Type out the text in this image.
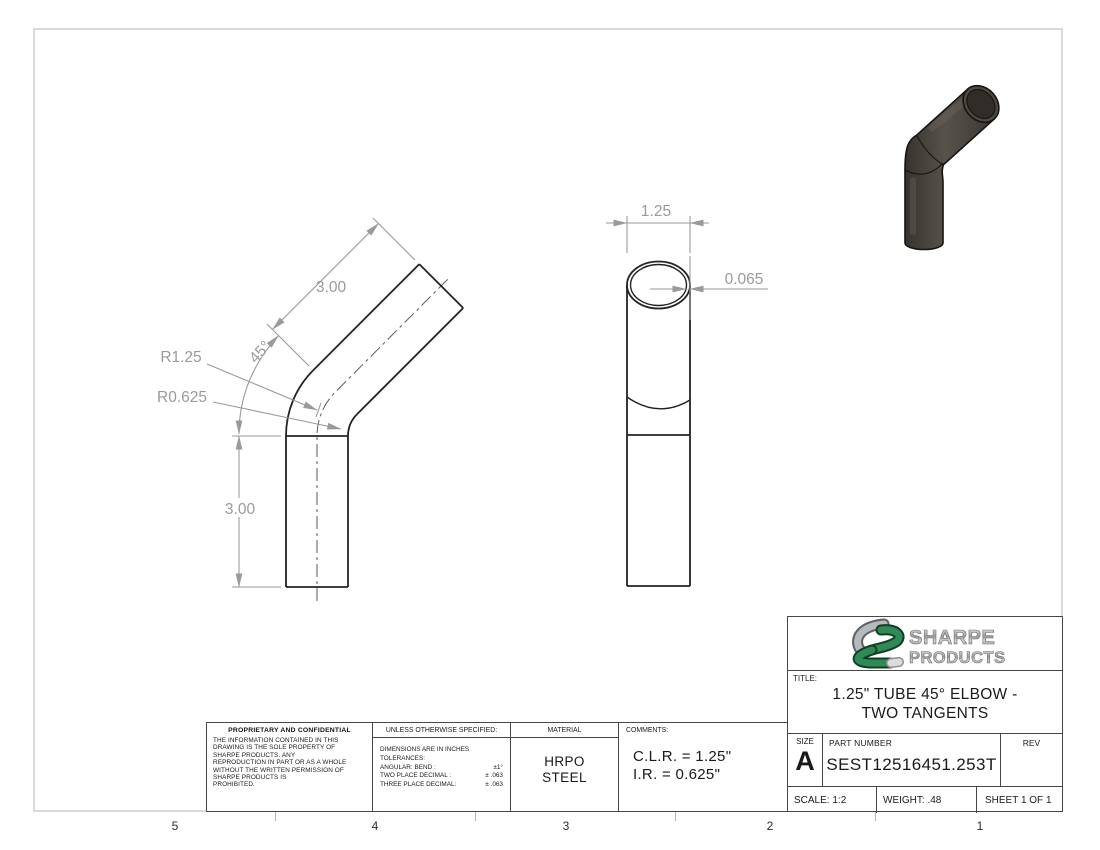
5	4	3	2	1
3.00
3.00
45°
R1.25
R0.625
1.25
0.065
PROPRIETARY AND CONFIDENTIAL
THE INFORMATION CONTAINED IN THIS
DRAWING IS THE SOLE PROPERTY OF
SHARPE PRODUCTS. ANY
REPRODUCTION IN PART OR AS A WHOLE
WITHOUT THE WRITTEN PERMISSION OF
SHARPE PRODUCTS IS
PROHIBITED.
UNLESS OTHERWISE SPECIFIED:
DIMENSIONS ARE IN INCHES
TOLERANCES:
ANGULAR: BEND :	±1°
TWO PLACE DECIMAL :	± .063
THREE PLACE DECIMAL:	± .063
MATERIAL
HRPO
STEEL
COMMENTS:
C.L.R. = 1.25"
I.R. = 0.625"
SHARPE
PRODUCTS
TITLE:
1.25" TUBE 45° ELBOW -
TWO TANGENTS
SIZE
A
PART NUMBER
SEST12516451.253T
REV
SCALE: 1:2	WEIGHT: .48	SHEET 1 OF 1
